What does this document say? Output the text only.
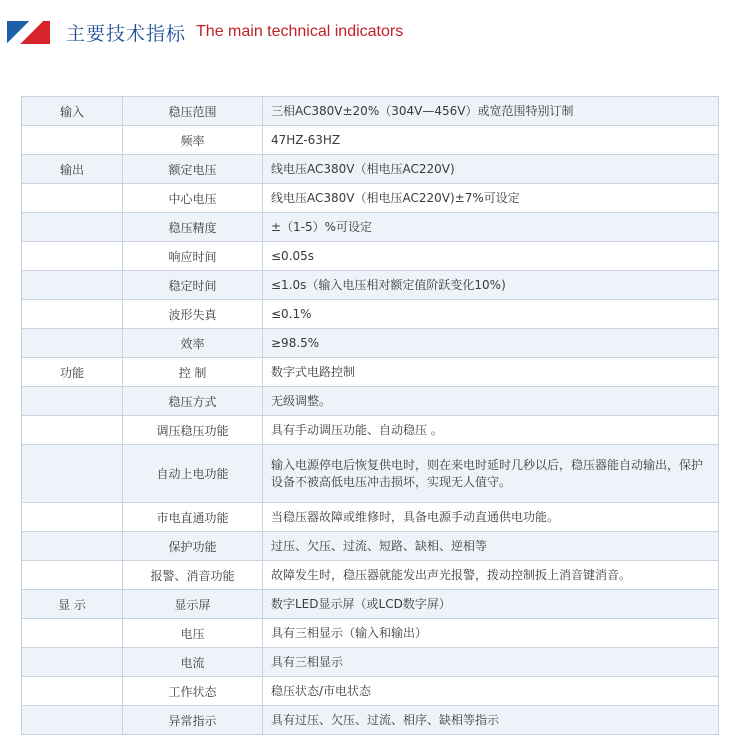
主要技术指标 The main technical indicators
输入	稳压范围	三相AC380V±20%（304V—456V）或宽范围特别订制
	频率	47HZ-63HZ
输出	额定电压	线电压AC380V（相电压AC220V)
	中心电压	线电压AC380V（相电压AC220V)±7%可设定
	稳压精度	±（1-5）%可设定
	响应时间	≤0.05s
	稳定时间	≤1.0s（输入电压相对额定值阶跃变化10%)
	波形失真	≤0.1%
	效率	≥98.5%
功能	控 制	数字式电路控制
	稳压方式	无级调整。
	调压稳压功能	具有手动调压功能、自动稳压 。
	自动上电功能	输入电源停电后恢复供电时，则在来电时延时几秒以后，稳压器能自动输出，保护设备不被高低电压冲击损坏，实现无人值守。
	市电直通功能	当稳压器故障或维修时，具备电源手动直通供电功能。
	保护功能	过压、欠压、过流、短路、缺相、逆相等
	报警、消音功能	故障发生时，稳压器就能发出声光报警，拨动控制扳上消音键消音。
显 示	显示屏	数字LED显示屏（或LCD数字屏）
	电压	具有三相显示（输入和输出）
	电流	具有三相显示
	工作状态	稳压状态/市电状态
	异常指示	具有过压、欠压、过流、相序、缺相等指示
